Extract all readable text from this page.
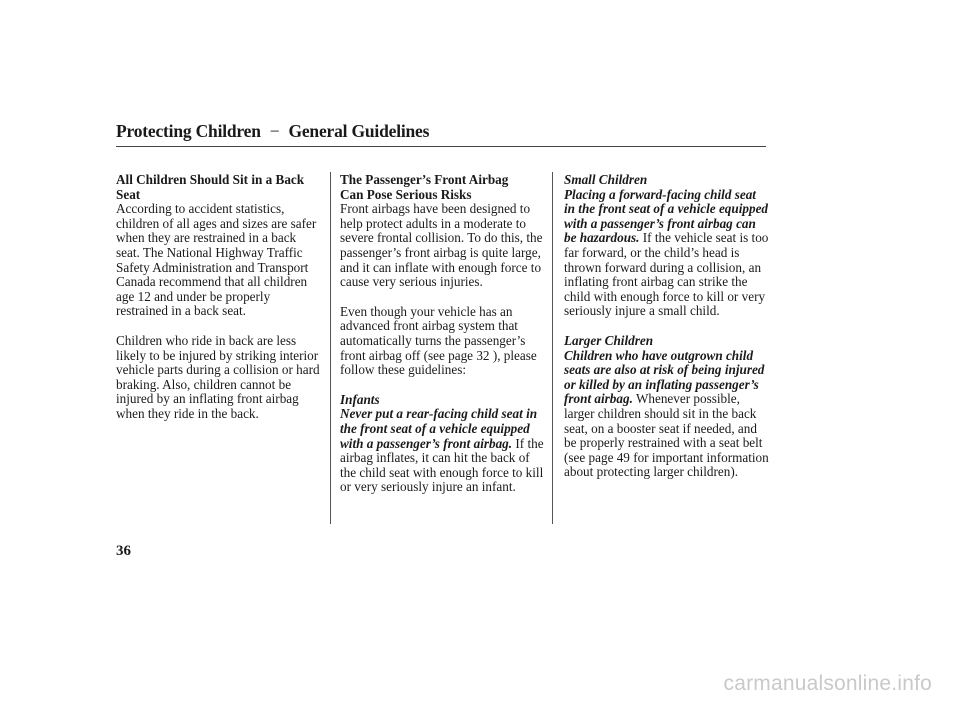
Protecting Children − General Guidelines
All Children Should Sit in a Back
Seat

According to accident statistics, children of all ages and sizes are safer when they are restrained in a back seat. The National Highway Traffic Safety Administration and Transport Canada recommend that all children age 12 and under be properly restrained in a back seat.

Children who ride in back are less likely to be injured by striking interior vehicle parts during a collision or hard braking. Also, children cannot be injured by an inflating front airbag when they ride in the back.

The Passenger’s Front Airbag
Can Pose Serious Risks

Front airbags have been designed to help protect adults in a moderate to severe frontal collision. To do this, the passenger’s front airbag is quite large, and it can inflate with enough force to cause very serious injuries.

Even though your vehicle has an advanced front airbag system that automatically turns the passenger’s front airbag off (see page 32 ), please follow these guidelines:

Infants

Never put a rear-facing child seat in the front seat of a vehicle equipped with a passenger’s front airbag. If the airbag inflates, it can hit the back of the child seat with enough force to kill or very seriously injure an infant.

Small Children

Placing a forward-facing child seat in the front seat of a vehicle equipped with a passenger’s front airbag can be hazardous. If the vehicle seat is too far forward, or the child’s head is thrown forward during a collision, an inflating front airbag can strike the child with enough force to kill or very seriously injure a small child.

Larger Children

Children who have outgrown child seats are also at risk of being injured or killed by an inflating passenger’s front airbag. Whenever possible, larger children should sit in the back seat, on a booster seat if needed, and be properly restrained with a seat belt (see page 49 for important information about protecting larger children).

36
carmanualsonline.info
